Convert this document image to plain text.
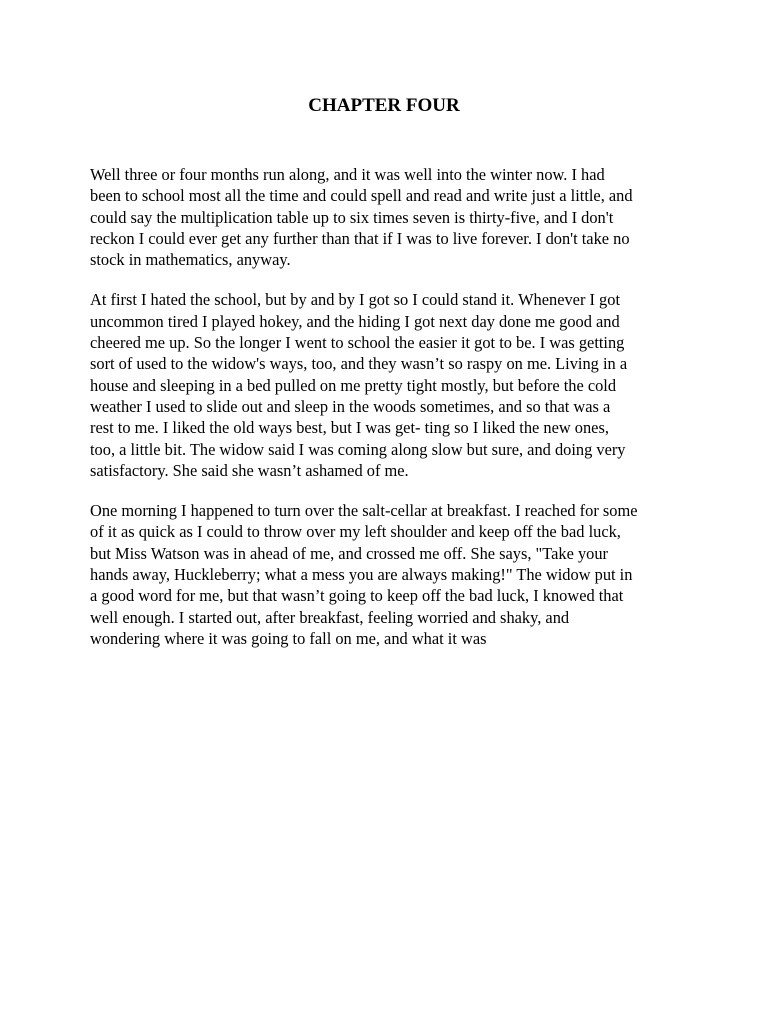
CHAPTER FOUR

Well three or four months run along, and it was well into the winter now. I had
been to school most all the time and could spell and read and write just a little, and
could say the multiplication table up to six times seven is thirty-five, and I don't
reckon I could ever get any further than that if I was to live forever. I don't take no
stock in mathematics, anyway.

At first I hated the school, but by and by I got so I could stand it. Whenever I got
uncommon tired I played hokey, and the hiding I got next day done me good and
cheered me up. So the longer I went to school the easier it got to be. I was getting
sort of used to the widow's ways, too, and they wasn’t so raspy on me. Living in a
house and sleeping in a bed pulled on me pretty tight mostly, but before the cold
weather I used to slide out and sleep in the woods sometimes, and so that was a
rest to me. I liked the old ways best, but I was get- ting so I liked the new ones,
too, a little bit. The widow said I was coming along slow but sure, and doing very
satisfactory. She said she wasn’t ashamed of me.

One morning I happened to turn over the salt-cellar at breakfast. I reached for some
of it as quick as I could to throw over my left shoulder and keep off the bad luck,
but Miss Watson was in ahead of me, and crossed me off. She says, "Take your
hands away, Huckleberry; what a mess you are always making!" The widow put in
a good word for me, but that wasn’t going to keep off the bad luck, I knowed that
well enough. I started out, after breakfast, feeling worried and shaky, and
wondering where it was going to fall on me, and what it was
